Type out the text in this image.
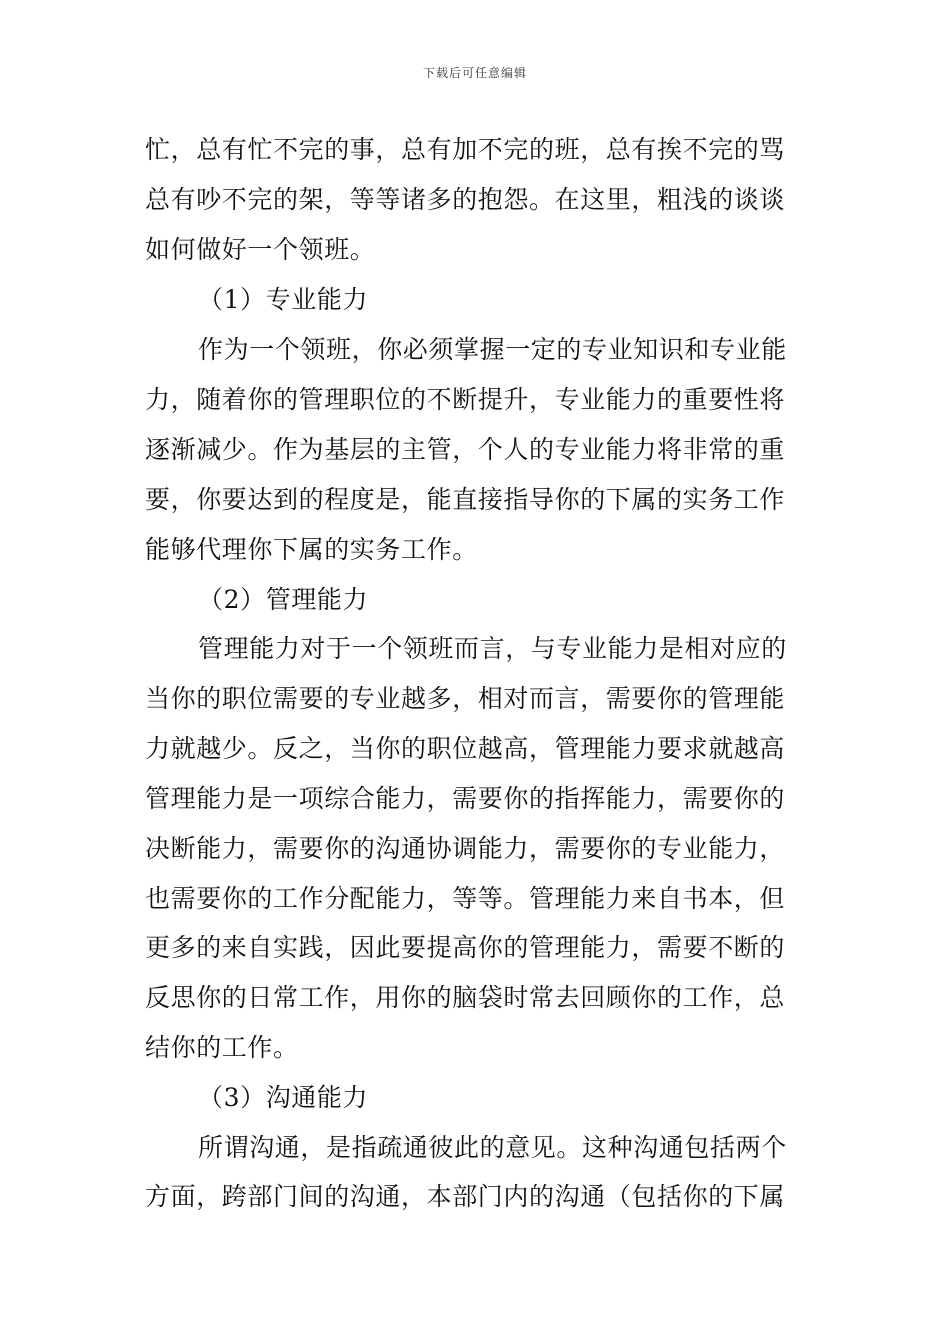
下载后可任意编辑
忙，总有忙不完的事，总有加不完的班，总有挨不完的骂
总有吵不完的架，等等诸多的抱怨。在这里，粗浅的谈谈
如何做好一个领班。
（1）专业能力
作为一个领班，你必须掌握一定的专业知识和专业能
力，随着你的管理职位的不断提升，专业能力的重要性将
逐渐减少。作为基层的主管，个人的专业能力将非常的重
要，你要达到的程度是，能直接指导你的下属的实务工作
能够代理你下属的实务工作。
（2）管理能力
管理能力对于一个领班而言，与专业能力是相对应的
当你的职位需要的专业越多，相对而言，需要你的管理能
力就越少。反之，当你的职位越高，管理能力要求就越高
管理能力是一项综合能力，需要你的指挥能力，需要你的
决断能力，需要你的沟通协调能力，需要你的专业能力，
也需要你的工作分配能力，等等。管理能力来自书本，但
更多的来自实践，因此要提高你的管理能力，需要不断的
反思你的日常工作，用你的脑袋时常去回顾你的工作，总
结你的工作。
（3）沟通能力
所谓沟通，是指疏通彼此的意见。这种沟通包括两个
方面，跨部门间的沟通，本部门内的沟通（包括你的下属
